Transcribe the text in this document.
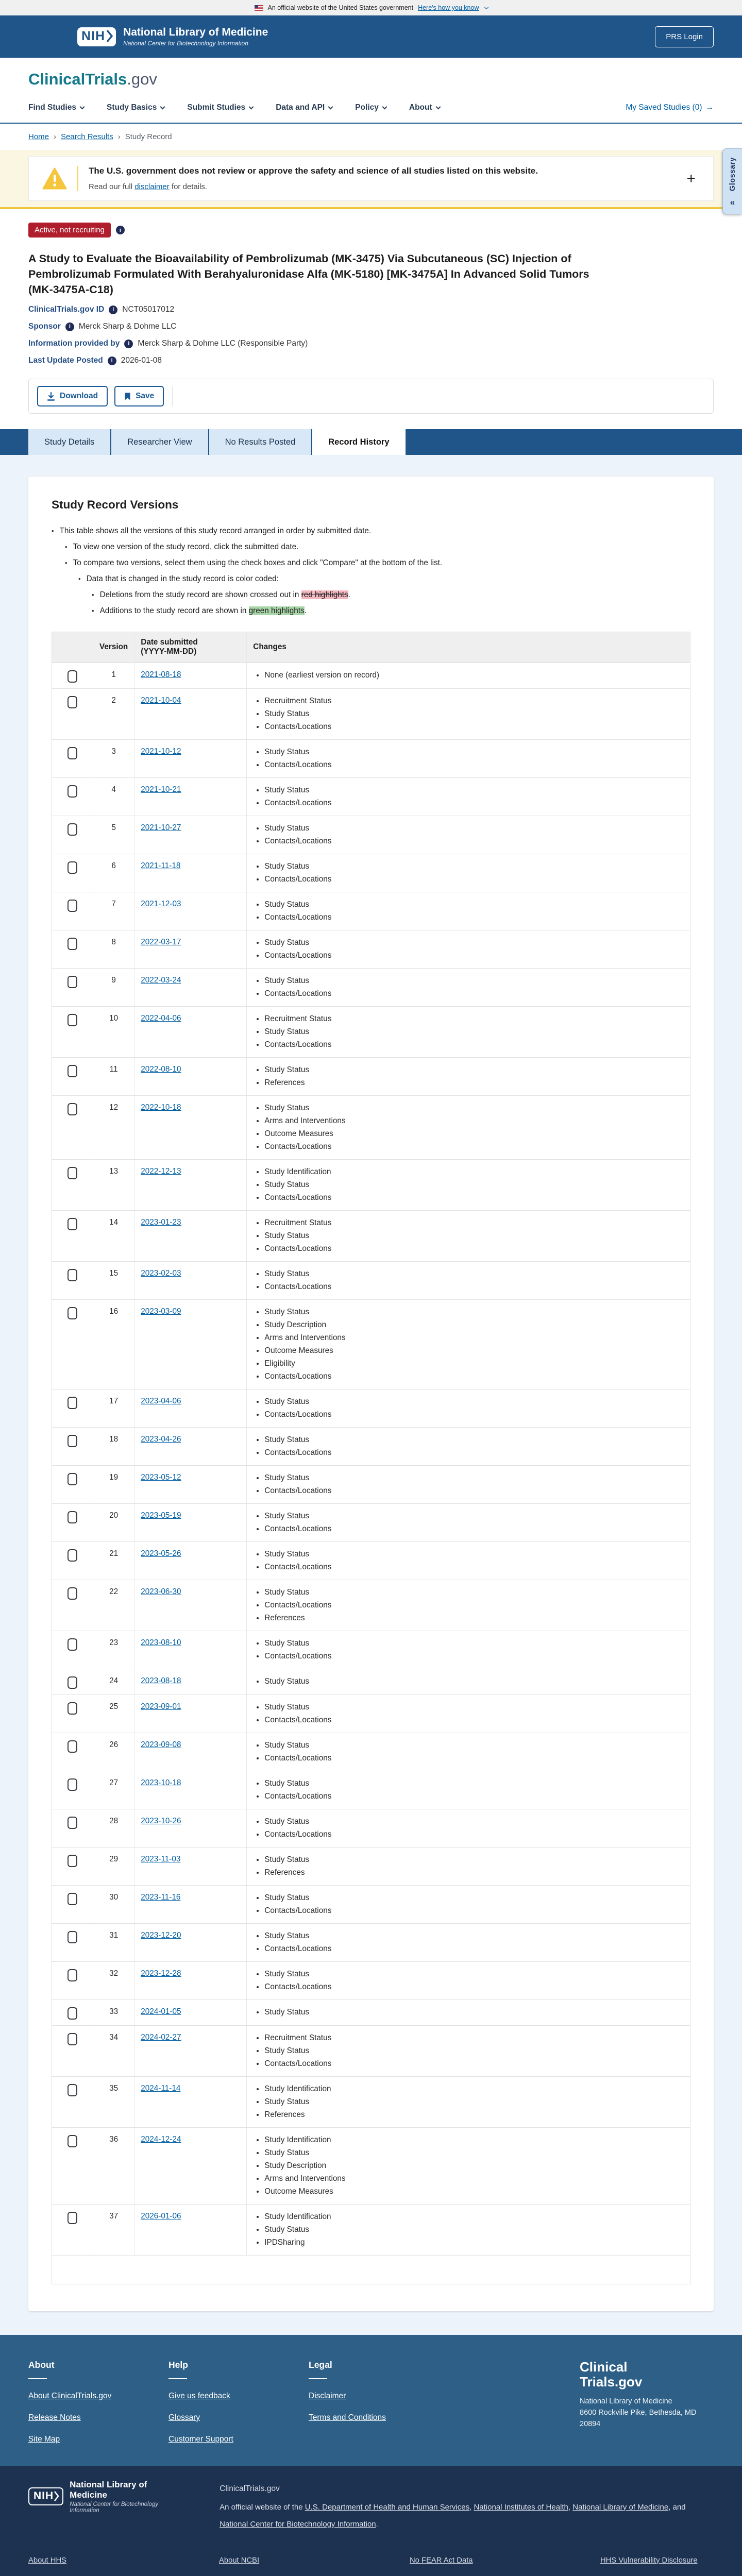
An official website of the United States government Here's how you know
NIH National Library of Medicine
National Center for Biotechnology Information
PRS Login
ClinicalTrials.gov
Find Studies	Study Basics	Submit Studies	Data and API	Policy	About	My Saved Studies (0) →
Home › Search Results › Study Record
The U.S. government does not review or approve the safety and science of all studies listed on this website.
Read our full disclaimer for details.	+
Active, not recruiting	i
A Study to Evaluate the Bioavailability of Pembrolizumab (MK-3475) Via Subcutaneous (SC) Injection of Pembrolizumab Formulated With Berahyaluronidase Alfa (MK-5180) [MK-3475A] In Advanced Solid Tumors (MK-3475A-C18)
ClinicalTrials.gov ID	i	NCT05017012
Sponsor	i	Merck Sharp & Dohme LLC
Information provided by	i	Merck Sharp & Dohme LLC (Responsible Party)
Last Update Posted	i	2026-01-08
Download	Save
Study Details	Researcher View	No Results Posted	Record History
Study Record Versions
• This table shows all the versions of this study record arranged in order by submitted date.
• To view one version of the study record, click the submitted date.
• To compare two versions, select them using the check boxes and click "Compare" at the bottom of the list.
• Data that is changed in the study record is color coded:
• Deletions from the study record are shown crossed out in red highlights.
• Additions to the study record are shown in green highlights.
	Version	Date submitted
(YYYY-MM-DD)	Changes

	1	2021-08-18	
•None (earliest version on record)

	2	2021-10-04	
•Recruitment Status
• Study Status
• Contacts/Locations

	3	2021-10-12	
•Study Status
• Contacts/Locations

	4	2021-10-21	
•Study Status
• Contacts/Locations

	5	2021-10-27	
•Study Status
• Contacts/Locations

	6	2021-11-18	
•Study Status
• Contacts/Locations

	7	2021-12-03	
•Study Status
• Contacts/Locations

	8	2022-03-17	
•Study Status
• Contacts/Locations

	9	2022-03-24	
•Study Status
• Contacts/Locations

	10	2022-04-06	
•Recruitment Status
• Study Status
• Contacts/Locations

	11	2022-08-10	
•Study Status
• References

	12	2022-10-18	
•Study Status
• Arms and Interventions
• Outcome Measures
• Contacts/Locations

	13	2022-12-13	
•Study Identification
• Study Status
• Contacts/Locations

	14	2023-01-23	
•Recruitment Status
• Study Status
• Contacts/Locations

	15	2023-02-03	
•Study Status
• Contacts/Locations

	16	2023-03-09	
•Study Status
• Study Description
• Arms and Interventions
• Outcome Measures
• Eligibility
• Contacts/Locations

	17	2023-04-06	
•Study Status
• Contacts/Locations

	18	2023-04-26	
•Study Status
• Contacts/Locations

	19	2023-05-12	
•Study Status
• Contacts/Locations

	20	2023-05-19	
•Study Status
• Contacts/Locations

	21	2023-05-26	
•Study Status
• Contacts/Locations

	22	2023-06-30	
•Study Status
• Contacts/Locations
• References

	23	2023-08-10	
•Study Status
• Contacts/Locations

	24	2023-08-18	
•Study Status

	25	2023-09-01	
•Study Status
• Contacts/Locations

	26	2023-09-08	
•Study Status
• Contacts/Locations

	27	2023-10-18	
•Study Status
• Contacts/Locations

	28	2023-10-26	
•Study Status
• Contacts/Locations

	29	2023-11-03	
•Study Status
• References

	30	2023-11-16	
•Study Status
• Contacts/Locations

	31	2023-12-20	
•Study Status
• Contacts/Locations

	32	2023-12-28	
•Study Status
• Contacts/Locations

	33	2024-01-05	
•Study Status

	34	2024-02-27	
•Recruitment Status
• Study Status
• Contacts/Locations

	35	2024-11-14	
•Study Identification
• Study Status
• References

	36	2024-12-24	
•Study Identification
• Study Status
• Study Description
• Arms and Interventions
• Outcome Measures

	37	2026-01-06	
•Study Identification
• Study Status
• IPDSharing

About
About ClinicalTrials.gov
Release Notes
Site Map
Help
Give us feedback
Glossary
Customer Support
Legal
Disclaimer
Terms and Conditions
Clinical
Trials.gov
National Library of Medicine
8600 Rockville Pike, Bethesda, MD
20894
NIH
National Library of Medicine
National Center for Biotechnology Information
ClinicalTrials.gov
An official website of the U.S. Department of Health and Human Services, National Institutes of Health, National Library of Medicine, and National Center for Biotechnology Information.
About HHS	About NCBI	No FEAR Act Data	HHS Vulnerability Disclosure
Glossary
«
